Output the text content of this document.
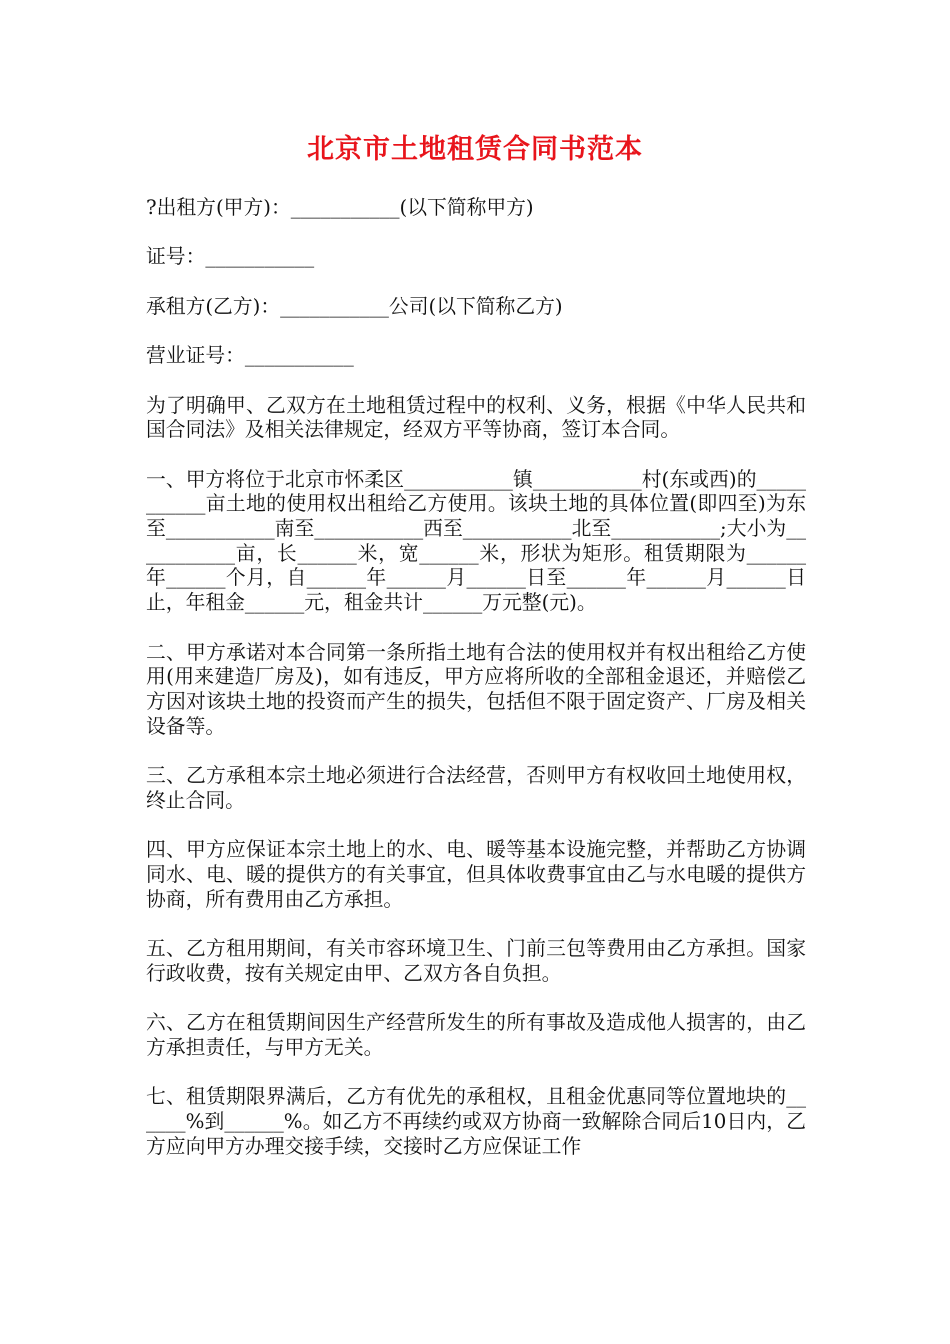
北京市土地租赁合同书范本

?出租方(甲方)：___________(以下简称甲方)

证号：___________

承租方(乙方)：___________公司(以下简称乙方)

营业证号：___________

为了明确甲、乙双方在土地租赁过程中的权利、义务，根据《中华人民共和国合同法》及相关法律规定，经双方平等协商，签订本合同。

一、甲方将位于北京市怀柔区___________镇___________村(东或西)的___________亩土地的使用权出租给乙方使用。该块土地的具体位置(即四至)为东至___________南至___________西至___________北至___________;大小为___________亩，长______米，宽______米，形状为矩形。租赁期限为______年______个月，自______年______月______日至______年______月______日止，年租金______元，租金共计______万元整(元)。

二、甲方承诺对本合同第一条所指土地有合法的使用权并有权出租给乙方使用(用来建造厂房及)，如有违反，甲方应将所收的全部租金退还，并赔偿乙方因对该块土地的投资而产生的损失，包括但不限于固定资产、厂房及相关设备等。

三、乙方承租本宗土地必须进行合法经营，否则甲方有权收回土地使用权，终止合同。

四、甲方应保证本宗土地上的水、电、暖等基本设施完整，并帮助乙方协调同水、电、暖的提供方的有关事宜，但具体收费事宜由乙与水电暖的提供方协商，所有费用由乙方承担。

五、乙方租用期间，有关市容环境卫生、门前三包等费用由乙方承担。国家行政收费，按有关规定由甲、乙双方各自负担。

六、乙方在租赁期间因生产经营所发生的所有事故及造成他人损害的，由乙方承担责任，与甲方无关。

七、租赁期限界满后，乙方有优先的承租权，且租金优惠同等位置地块的______%到______%。如乙方不再续约或双方协商一致解除合同后10日内，乙方应向甲方办理交接手续，交接时乙方应保证工作
